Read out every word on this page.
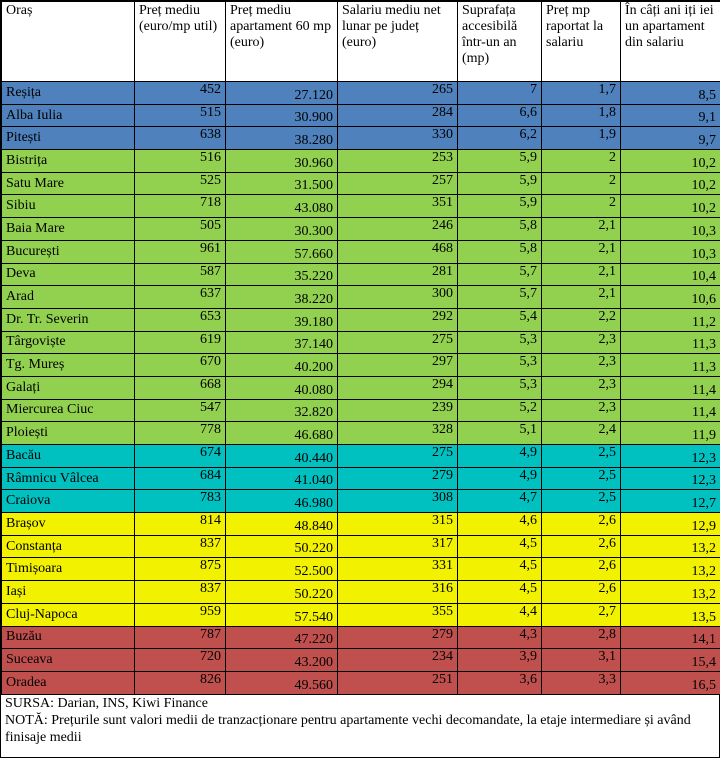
Oraș	Preț mediu (euro/mp util)	Preț mediu apartament 60 mp (euro)	Salariu mediu net lunar pe județ (euro)	Suprafața accesibilă într-un an (mp)	Preț mp raportat la salariu	În câți ani iți iei un apartament din salariu
Reșița	452	27.120	265	7	1,7	8,5
Alba Iulia	515	30.900	284	6,6	1,8	9,1
Pitești	638	38.280	330	6,2	1,9	9,7
Bistrița	516	30.960	253	5,9	2	10,2
Satu Mare	525	31.500	257	5,9	2	10,2
Sibiu	718	43.080	351	5,9	2	10,2
Baia Mare	505	30.300	246	5,8	2,1	10,3
București	961	57.660	468	5,8	2,1	10,3
Deva	587	35.220	281	5,7	2,1	10,4
Arad	637	38.220	300	5,7	2,1	10,6
Dr. Tr. Severin	653	39.180	292	5,4	2,2	11,2
Târgoviște	619	37.140	275	5,3	2,3	11,3
Tg. Mureș	670	40.200	297	5,3	2,3	11,3
Galați	668	40.080	294	5,3	2,3	11,4
Miercurea Ciuc	547	32.820	239	5,2	2,3	11,4
Ploiești	778	46.680	328	5,1	2,4	11,9
Bacău	674	40.440	275	4,9	2,5	12,3
Râmnicu Vâlcea	684	41.040	279	4,9	2,5	12,3
Craiova	783	46.980	308	4,7	2,5	12,7
Brașov	814	48.840	315	4,6	2,6	12,9
Constanța	837	50.220	317	4,5	2,6	13,2
Timișoara	875	52.500	331	4,5	2,6	13,2
Iași	837	50.220	316	4,5	2,6	13,2
Cluj-Napoca	959	57.540	355	4,4	2,7	13,5
Buzău	787	47.220	279	4,3	2,8	14,1
Suceava	720	43.200	234	3,9	3,1	15,4
Oradea	826	49.560	251	3,6	3,3	16,5
SURSA: Darian, INS, Kiwi Finance
NOTĂ: Prețurile sunt valori medii de tranzacționare pentru apartamente vechi decomandate, la etaje intermediare și având finisaje medii
